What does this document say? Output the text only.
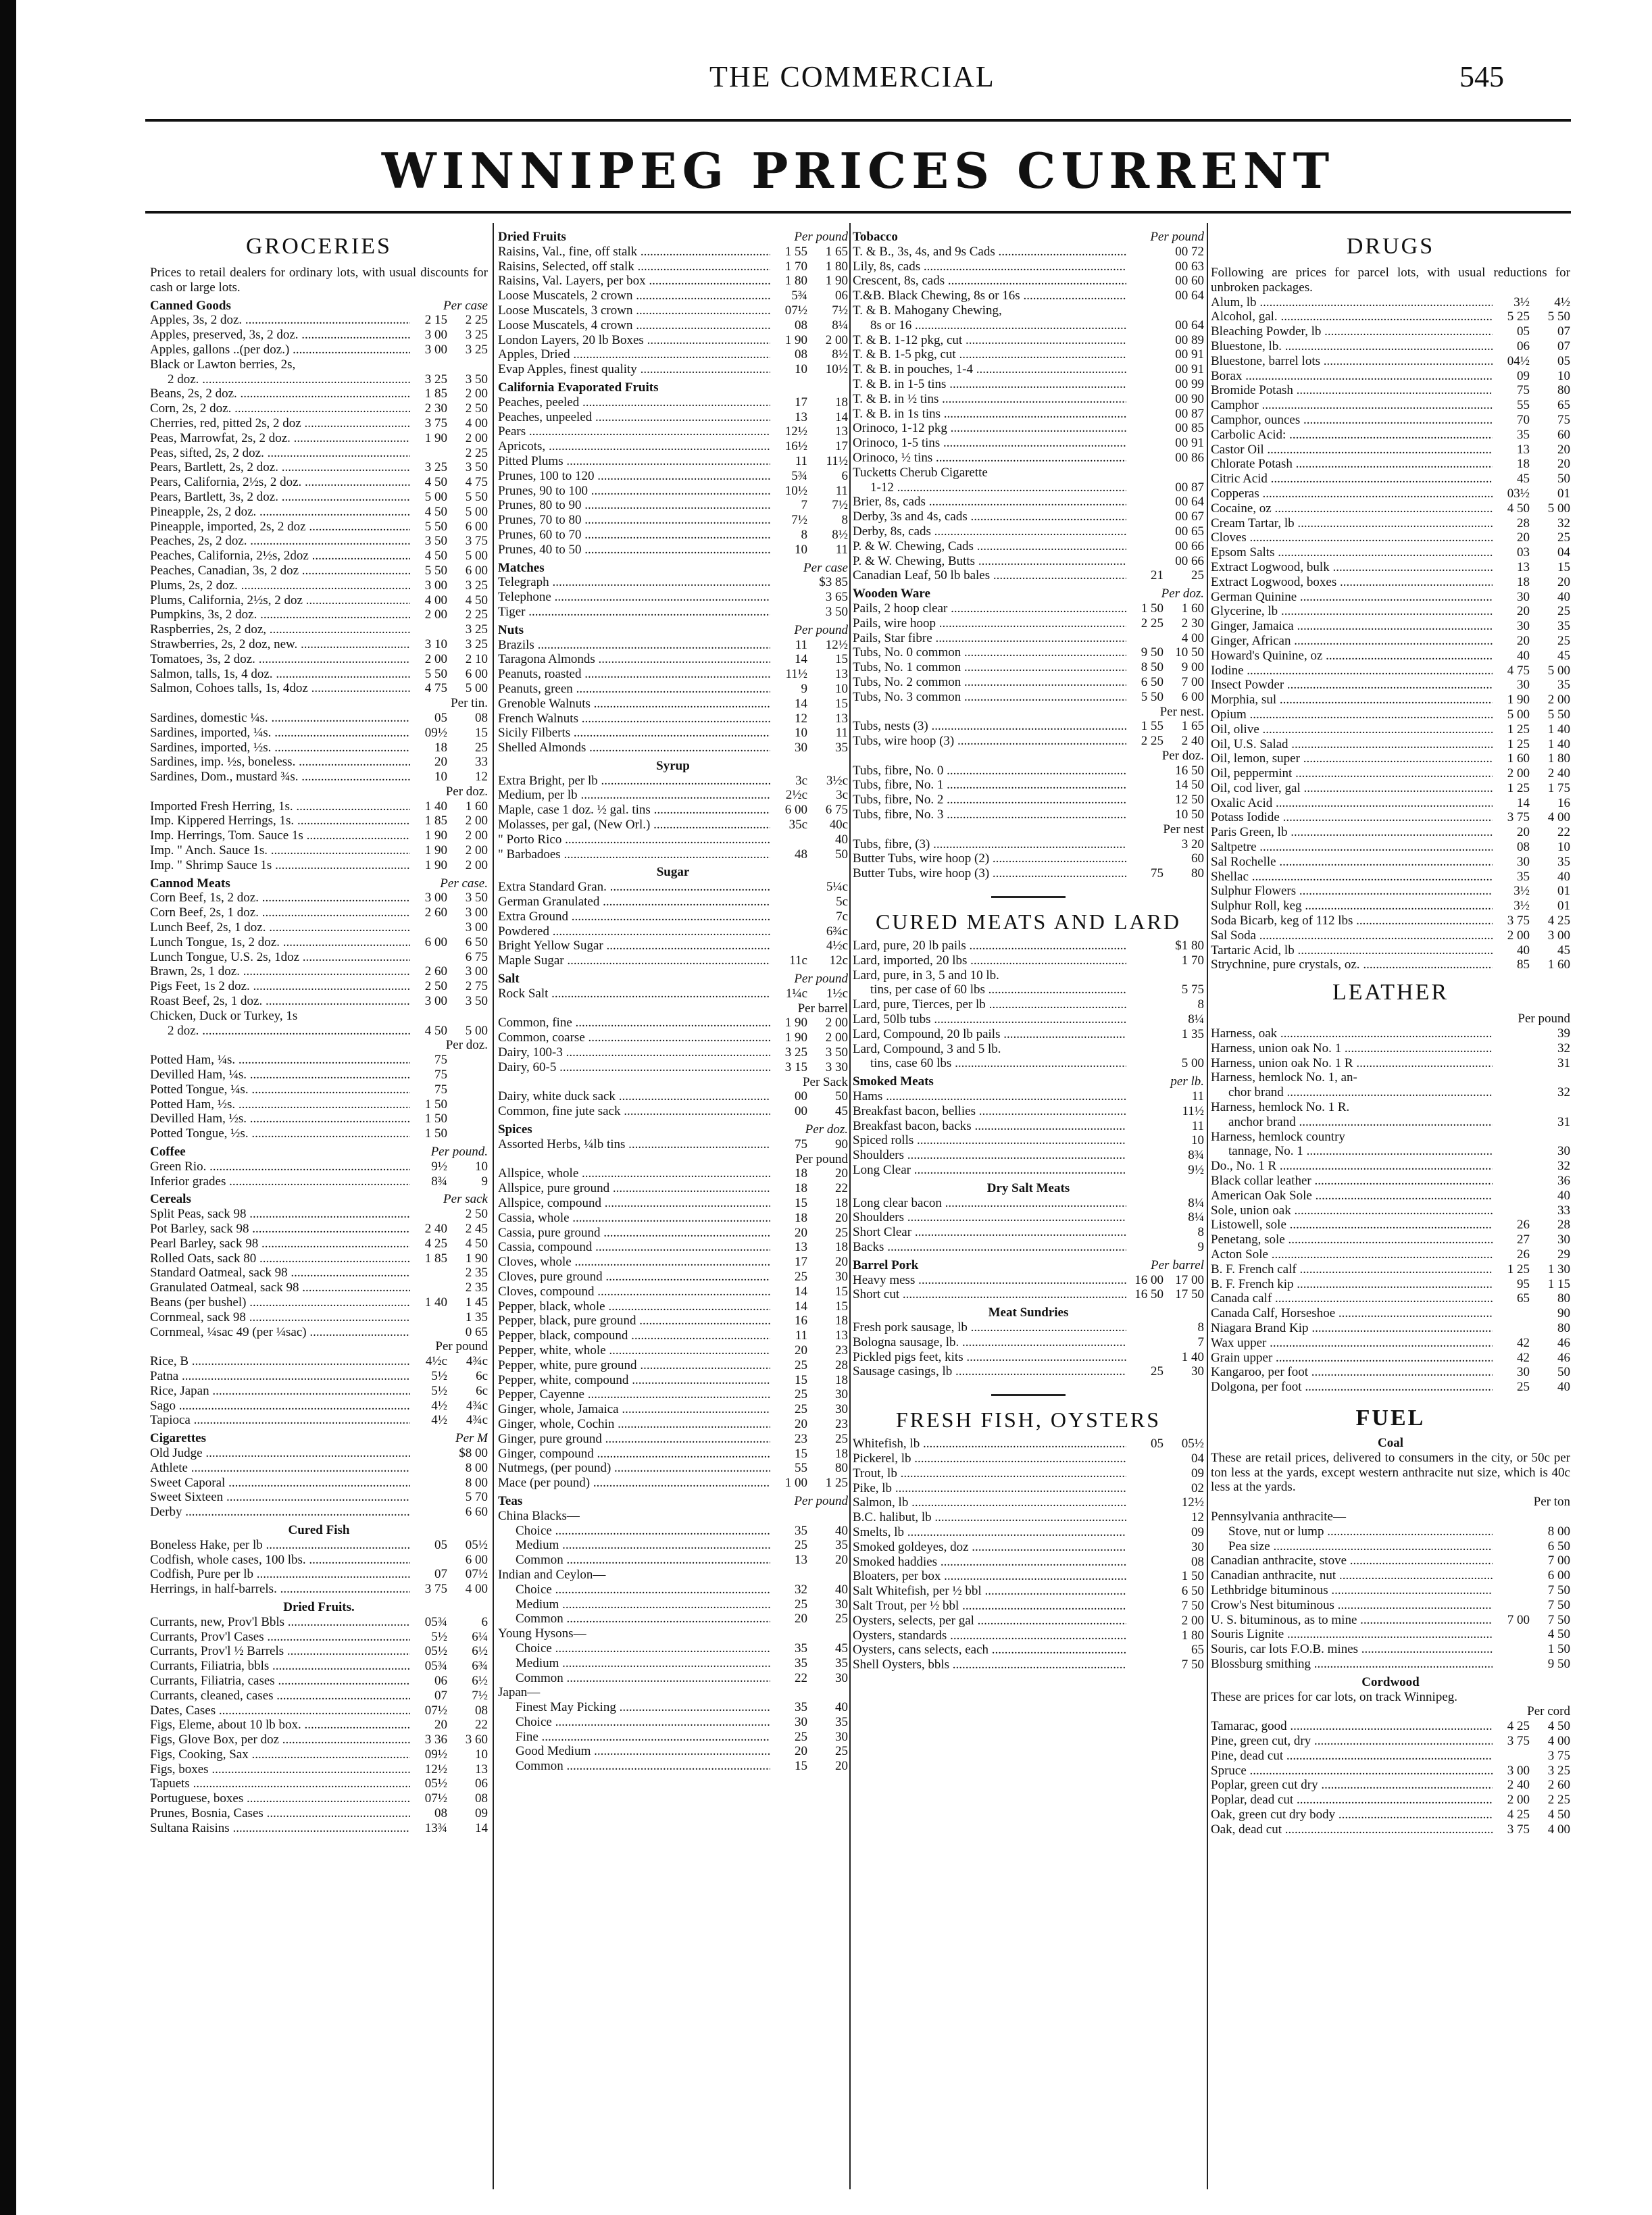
THE COMMERCIAL	545
WINNIPEG PRICES CURRENT
GROCERIES
Prices to retail dealers for ordinary lots, with usual discounts for cash or large lots.
Canned Goods	Per case
Apples, 3s, 2 doz. .....	2 15	2 25
Apples, preserved, 3s, 2 doz. .....	3 00	3 25
Apples, gallons ..(per doz.) .....	3 00	3 25
Black or Lawton berries, 2s,
2 doz. .....	3 25	3 50
Beans, 2s, 2 doz. .....	1 85	2 00
Corn, 2s, 2 doz. .....	2 30	2 50
Cherries, red, pitted 2s, 2 doz .....	3 75	4 00
Peas, Marrowfat, 2s, 2 doz. .....	1 90	2 00
Peas, sifted, 2s, 2 doz. .....	2 25
Pears, Bartlett, 2s, 2 doz. .....	3 25	3 50
Pears, California, 2½s, 2 doz. .....	4 50	4 75
Pears, Bartlett, 3s, 2 doz. .....	5 00	5 50
Pineapple, 2s, 2 doz. .....	4 50	5 00
Pineapple, imported, 2s, 2 doz .....	5 50	6 00
Peaches, 2s, 2 doz. .....	3 50	3 75
Peaches, California, 2½s, 2doz .....	4 50	5 00
Peaches, Canadian, 3s, 2 doz .....	5 50	6 00
Plums, 2s, 2 doz. .....	3 00	3 25
Plums, California, 2½s, 2 doz .....	4 00	4 50
Pumpkins, 3s, 2 doz. .....	2 00	2 25
Raspberries, 2s, 2 doz, .....	3 25
Strawberries, 2s, 2 doz, new. .....	3 10	3 25
Tomatoes, 3s, 2 doz. .....	2 00	2 10
Salmon, talls, 1s, 4 doz. .....	5 50	6 00
Salmon, Cohoes talls, 1s, 4doz .....	4 75	5 00
Per tin.
Sardines, domestic ¼s. .....	05	08
Sardines, imported, ¼s. .....	09½	15
Sardines, imported, ½s. .....	18	25
Sardines, imp. ½s, boneless. .....	20	33
Sardines, Dom., mustard ¾s. .....	10	12
Per doz.
Imported Fresh Herring, 1s. .....	1 40	1 60
Imp. Kippered Herrings, 1s. .....	1 85	2 00
Imp. Herrings, Tom. Sauce 1s .....	1 90	2 00
Imp. " Anch. Sauce 1s. .....	1 90	2 00
Imp. " Shrimp Sauce 1s .....	1 90	2 00
Cannod Meats	Per case.
Corn Beef, 1s, 2 doz. .....	3 00	3 50
Corn Beef, 2s, 1 doz. .....	2 60	3 00
Lunch Beef, 2s, 1 doz. .....	3 00
Lunch Tongue, 1s, 2 doz. .....	6 00	6 50
Lunch Tongue, U.S. 2s, 1doz .....	6 75
Brawn, 2s, 1 doz. .....	2 60	3 00
Pigs Feet, 1s 2 doz. .....	2 50	2 75
Roast Beef, 2s, 1 doz. .....	3 00	3 50
Chicken, Duck or Turkey, 1s
2 doz. .....	4 50	5 00
Per doz.
Potted Ham, ¼s. .....	75
Devilled Ham, ¼s. .....	75
Potted Tongue, ¼s. .....	75
Potted Ham, ½s. .....	1 50
Devilled Ham, ½s. .....	1 50
Potted Tongue, ½s. .....	1 50
Coffee	Per pound.
Green Rio. .....	9½	10
Inferior grades .....	8¾	9
Cereals	Per sack
Split Peas, sack 98 .....	2 50
Pot Barley, sack 98 .....	2 40	2 45
Pearl Barley, sack 98 .....	4 25	4 50
Rolled Oats, sack 80 .....	1 85	1 90
Standard Oatmeal, sack 98 .....	2 35
Granulated Oatmeal, sack 98 .....	2 35
Beans (per bushel) .....	1 40	1 45
Cornmeal, sack 98 .....	1 35
Cornmeal, ¼sac 49 (per ¼sac) .....	0 65
Per pound
Rice, B .....	4½c	4¾c
Patna .....	5½	6c
Rice, Japan .....	5½	6c
Sago .....	4½	4¾c
Tapioca .....	4½	4¾c
Cigarettes	Per M
Old Judge .....	$8 00
Athlete .....	8 00
Sweet Caporal .....	8 00
Sweet Sixteen .....	5 70
Derby .....	6 60
Cured Fish
Boneless Hake, per lb .....	05	05½
Codfish, whole cases, 100 lbs. .....	6 00
Codfish, Pure per lb .....	07	07½
Herrings, in half-barrels. .....	3 75	4 00
Dried Fruits.
Currants, new, Prov'l Bbls .....	05¾	6
Currants, Prov'l Cases .....	5½	6¼
Currants, Prov'l ½ Barrels .....	05½	6½
Currants, Filiatria, bbls .....	05¾	6¾
Currants, Filiatria, cases .....	06	6½
Currants, cleaned, cases .....	07	7½
Dates, Cases .....	07½	08
Figs, Eleme, about 10 lb box. .....	20	22
Figs, Glove Box, per doz .....	3 36	3 60
Figs, Cooking, Sax .....	09½	10
Figs, boxes .....	12½	13
Tapuets .....	05½	06
Portuguese, boxes .....	07½	08
Prunes, Bosnia, Cases .....	08	09
Sultana Raisins .....	13¾	14
Dried Fruits	Per pound
Raisins, Val., fine, off stalk .....	1 55	1 65
Raisins, Selected, off stalk .....	1 70	1 80
Raisins, Val. Layers, per box .....	1 80	1 90
Loose Muscatels, 2 crown .....	5¾	06
Loose Muscatels, 3 crown .....	07½	7½
Loose Muscatels, 4 crown .....	08	8¼
London Layers, 20 lb Boxes .....	1 90	2 00
Apples, Dried .....	08	8½
Evap Apples, finest quality .....	10	10½
California Evaporated Fruits
Peaches, peeled .....	17	18
Peaches, unpeeled .....	13	14
Pears .....	12½	13
Apricots, .....	16½	17
Pitted Plums .....	11	11½
Prunes, 100 to 120 .....	5¾	6
Prunes, 90 to 100 .....	10½	11
Prunes, 80 to 90 .....	7	7½
Prunes, 70 to 80 .....	7½	8
Prunes, 60 to 70 .....	8	8½
Prunes, 40 to 50 .....	10	11
Matches	Per case
Telegraph .....	$3 85
Telephone .....	3 65
Tiger .....	3 50
Nuts	Per pound
Brazils .....	11	12½
Taragona Almonds .....	14	15
Peanuts, roasted .....	11½	13
Peanuts, green .....	9	10
Grenoble Walnuts .....	14	15
French Walnuts .....	12	13
Sicily Filberts .....	10	11
Shelled Almonds .....	30	35
Syrup
Extra Bright, per lb .....	3c	3½c
Medium, per lb .....	2½c	3c
Maple, case 1 doz. ½ gal. tins .....	6 00	6 75
Molasses, per gal, (New Orl.) .....	35c	40c
" Porto Rico .....	40
" Barbadoes .....	48	50
Sugar
Extra Standard Gran. .....	5¼c
German Granulated .....	5c
Extra Ground .....	7c
Powdered .....	6¾c
Bright Yellow Sugar .....	4½c
Maple Sugar .....	11c	12c
Salt	Per pound
Rock Salt .....	1¼c	1½c
Per barrel
Common, fine .....	1 90	2 00
Common, coarse .....	1 90	2 00
Dairy, 100-3 .....	3 25	3 50
Dairy, 60-5 .....	3 15	3 30
Per Sack
Dairy, white duck sack .....	00	50
Common, fine jute sack .....	00	45
Spices	Per doz.
Assorted Herbs, ¼lb tins .....	75	90
Per pound
Allspice, whole .....	18	20
Allspice, pure ground .....	18	22
Allspice, compound .....	15	18
Cassia, whole .....	18	20
Cassia, pure ground .....	20	25
Cassia, compound .....	13	18
Cloves, whole .....	17	20
Cloves, pure ground .....	25	30
Cloves, compound .....	14	15
Pepper, black, whole .....	14	15
Pepper, black, pure ground .....	16	18
Pepper, black, compound .....	11	13
Pepper, white, whole .....	20	23
Pepper, white, pure ground .....	25	28
Pepper, white, compound .....	15	18
Pepper, Cayenne .....	25	30
Ginger, whole, Jamaica .....	25	30
Ginger, whole, Cochin .....	20	23
Ginger, pure ground .....	23	25
Ginger, compound .....	15	18
Nutmegs, (per pound) .....	55	80
Mace (per pound) .....	1 00	1 25
Teas	Per pound
China Blacks—
Choice .....	35	40
Medium .....	25	35
Common .....	13	20
Indian and Ceylon—
Choice .....	32	40
Medium .....	25	30
Common .....	20	25
Young Hysons—
Choice .....	35	45
Medium .....	35	35
Common .....	22	30
Japan—
Finest May Picking .....	35	40
Choice .....	30	35
Fine .....	25	30
Good Medium .....	20	25
Common .....	15	20
Tobacco	Per pound
T. & B., 3s, 4s, and 9s Cads .....	00 72
Lily, 8s, cads .....	00 63
Crescent, 8s, cads .....	00 60
T.&B. Black Chewing, 8s or 16s .....	00 64
T. & B. Mahogany Chewing,
8s or 16 .....	00 64
T. & B. 1-12 pkg, cut .....	00 89
T. & B. 1-5 pkg, cut .....	00 91
T. & B. in pouches, 1-4 .....	00 91
T. & B. in 1-5 tins .....	00 99
T. & B. in ½ tins .....	00 90
T. & B. in 1s tins .....	00 87
Orinoco, 1-12 pkg .....	00 85
Orinoco, 1-5 tins .....	00 91
Orinoco, ½ tins .....	00 86
Tucketts Cherub Cigarette
1-12 .....	00 87
Brier, 8s, cads .....	00 64
Derby, 3s and 4s, cads .....	00 67
Derby, 8s, cads .....	00 65
P. & W. Chewing, Cads .....	00 66
P. & W. Chewing, Butts .....	00 66
Canadian Leaf, 50 lb bales .....	21	25
Wooden Ware	Per doz.
Pails, 2 hoop clear .....	1 50	1 60
Pails, wire hoop .....	2 25	2 30
Pails, Star fibre .....	4 00
Tubs, No. 0 common .....	9 50 10 50
Tubs, No. 1 common .....	8 50	9 00
Tubs, No. 2 common .....	6 50	7 00
Tubs, No. 3 common .....	5 50	6 00
Per nest.
Tubs, nests (3) .....	1 55	1 65
Tubs, wire hoop (3) .....	2 25	2 40
Per doz.
Tubs, fibre, No. 0 .....	16 50
Tubs, fibre, No. 1 .....	14 50
Tubs, fibre, No. 2 .....	12 50
Tubs, fibre, No. 3 .....	10 50
Per nest
Tubs, fibre, (3) .....	3 20
Butter Tubs, wire hoop (2) .....	60
Butter Tubs, wire hoop (3) .....	75	80
CURED MEATS AND LARD
Lard, pure, 20 lb pails .....	$1 80
Lard, imported, 20 lbs .....	1 70
Lard, pure, in 3, 5 and 10 lb.
tins, per case of 60 lbs .....	5 75
Lard, pure, Tierces, per lb .....	8
Lard, 50lb tubs .....	8¼
Lard, Compound, 20 lb pails .....	1 35
Lard, Compound, 3 and 5 lb.
tins, case 60 lbs .....	5 00
Smoked Meats	per lb.
Hams .....	11
Breakfast bacon, bellies .....	11½
Breakfast bacon, backs .....	11
Spiced rolls .....	10
Shoulders .....	8¾
Long Clear .....	9½
Dry Salt Meats
Long clear bacon .....	8¼
Shoulders .....	8¼
Short Clear .....	8
Backs .....	9
Barrel Pork	Per barrel
Heavy mess .....	16 00 17 00
Short cut .....	16 50 17 50
Meat Sundries
Fresh pork sausage, lb .....	8
Bologna sausage, lb. .....	7
Pickled pigs feet, kits .....	1 40
Sausage casings, lb .....	25	30
FRESH FISH, OYSTERS
Whitefish, lb .....	05	05½
Pickerel, lb .....	04
Trout, lb .....	09
Pike, lb .....	02
Salmon, lb .....	12½
B.C. halibut, lb .....	12
Smelts, lb .....	09
Smoked goldeyes, doz .....	30
Smoked haddies .....	08
Bloaters, per box .....	1 50
Salt Whitefish, per ½ bbl .....	6 50
Salt Trout, per ½ bbl .....	7 50
Oysters, selects, per gal .....	2 00
Oysters, standards .....	1 80
Oysters, cans selects, each .....	65
Shell Oysters, bbls .....	7 50
DRUGS
Following are prices for parcel lots, with usual reductions for unbroken packages.
Alum, lb .....	3½	4½
Alcohol, gal. .....	5 25	5 50
Bleaching Powder, lb .....	05	07
Bluestone, lb. .....	06	07
Bluestone, barrel lots .....	04½	05
Borax .....	09	10
Bromide Potash .....	75	80
Camphor .....	55	65
Camphor, ounces .....	70	75
Carbolic Acid: .....	35	60
Castor Oil .....	13	20
Chlorate Potash .....	18	20
Citric Acid .....	45	50
Copperas .....	03½	01
Cocaine, oz .....	4 50	5 00
Cream Tartar, lb .....	28	32
Cloves .....	20	25
Epsom Salts .....	03	04
Extract Logwood, bulk .....	13	15
Extract Logwood, boxes .....	18	20
German Quinine .....	30	40
Glycerine, lb .....	20	25
Ginger, Jamaica .....	30	35
Ginger, African .....	20	25
Howard's Quinine, oz .....	40	45
Iodine .....	4 75	5 00
Insect Powder .....	30	35
Morphia, sul .....	1 90	2 00
Opium .....	5 00	5 50
Oil, olive .....	1 25	1 40
Oil, U.S. Salad .....	1 25	1 40
Oil, lemon, super .....	1 60	1 80
Oil, peppermint .....	2 00	2 40
Oil, cod liver, gal .....	1 25	1 75
Oxalic Acid .....	14	16
Potass Iodide .....	3 75	4 00
Paris Green, lb .....	20	22
Saltpetre .....	08	10
Sal Rochelle .....	30	35
Shellac .....	35	40
Sulphur Flowers .....	3½	01
Sulphur Roll, keg .....	3½	01
Soda Bicarb, keg of 112 lbs .....	3 75	4 25
Sal Soda .....	2 00	3 00
Tartaric Acid, lb .....	40	45
Strychnine, pure crystals, oz. .....	85	1 60
LEATHER
Per pound
Harness, oak .....	39
Harness, union oak No. 1 .....	32
Harness, union oak No. 1 R .....	31
Harness, hemlock No. 1, an-
chor brand .....	32
Harness, hemlock No. 1 R.
anchor brand .....	31
Harness, hemlock country
tannage, No. 1 .....	30
Do., No. 1 R .....	32
Black collar leather .....	36
American Oak Sole .....	40
Sole, union oak .....	33
Listowell, sole .....	26	28
Penetang, sole .....	27	30
Acton Sole .....	26	29
B. F. French calf .....	1 25	1 30
B. F. French kip .....	95	1 15
Canada calf .....	65	80
Canada Calf, Horseshoe .....	90
Niagara Brand Kip .....	80
Wax upper .....	42	46
Grain upper .....	42	46
Kangaroo, per foot .....	30	50
Dolgona, per foot .....	25	40
FUEL
Coal
These are retail prices, delivered to consumers in the city, or 50c per ton less at the yards, except western anthracite nut size, which is 40c less at the yards.
Per ton
Pennsylvania anthracite—
Stove, nut or lump .....	8 00
Pea size .....	6 50
Canadian anthracite, stove .....	7 00
Canadian anthracite, nut .....	6 00
Lethbridge bituminous .....	7 50
Crow's Nest bituminous .....	7 50
U. S. bituminous, as to mine .....	7 00	7 50
Souris Lignite .....	4 50
Souris, car lots F.O.B. mines .....	1 50
Blossburg smithing .....	9 50
Cordwood
These are prices for car lots, on track Winnipeg.
Per cord
Tamarac, good .....	4 25	4 50
Pine, green cut, dry .....	3 75	4 00
Pine, dead cut .....	3 75
Spruce .....	3 00	3 25
Poplar, green cut dry .....	2 40	2 60
Poplar, dead cut .....	2 00	2 25
Oak, green cut dry body .....	4 25	4 50
Oak, dead cut .....	3 75	4 00
